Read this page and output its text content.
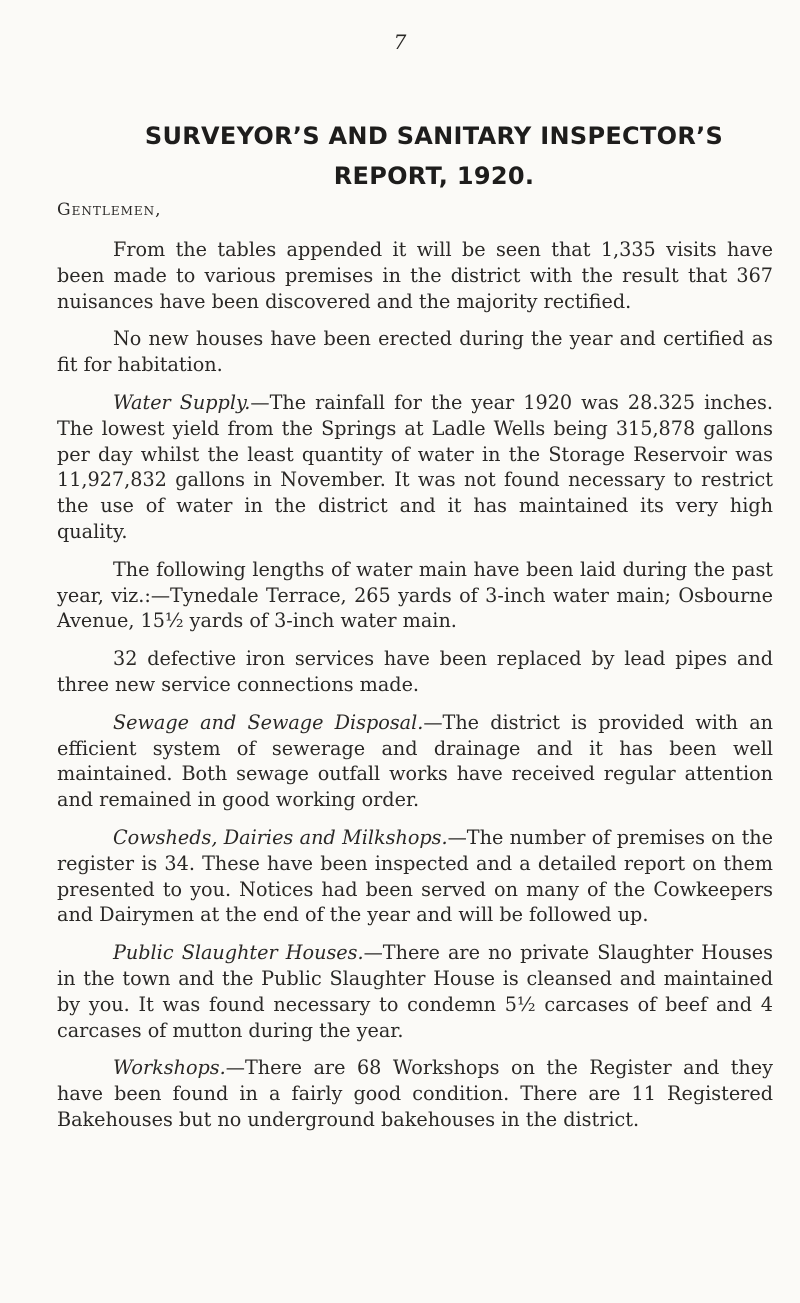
7
SURVEYOR’S AND SANITARY INSPECTOR’S
REPORT, 1920.
Gentlemen,

From the tables appended it will be seen that 1,335 visits have been made to various premises in the district with the result that 367 nuisances have been discovered and the majority rectified.

No new houses have been erected during the year and certified as fit for habitation.

Water Supply.—The rainfall for the year 1920 was 28.325 inches. The lowest yield from the Springs at Ladle Wells being 315,878 gallons per day whilst the least quantity of water in the Storage Reservoir was 11,927,832 gallons in November. It was not found necessary to restrict the use of water in the district and it has maintained its very high quality.

The following lengths of water main have been laid during the past year, viz.:—Tynedale Terrace, 265 yards of 3-inch water main; Osbourne Avenue, 15½ yards of 3-inch water main.

32 defective iron services have been replaced by lead pipes and three new service connections made.

Sewage and Sewage Disposal.—The district is provided with an efficient system of sewerage and drainage and it has been well maintained. Both sewage outfall works have received regular attention and remained in good working order.

Cowsheds, Dairies and Milkshops.—The number of premises on the register is 34. These have been inspected and a detailed report on them presented to you. Notices had been served on many of the Cowkeepers and Dairymen at the end of the year and will be followed up.

Public Slaughter Houses.—There are no private Slaughter Houses in the town and the Public Slaughter House is cleansed and maintained by you. It was found necessary to condemn 5½ carcases of beef and 4 carcases of mutton during the year.

Workshops.—There are 68 Workshops on the Register and they have been found in a fairly good condition. There are 11 Registered Bakehouses but no underground bakehouses in the district.
